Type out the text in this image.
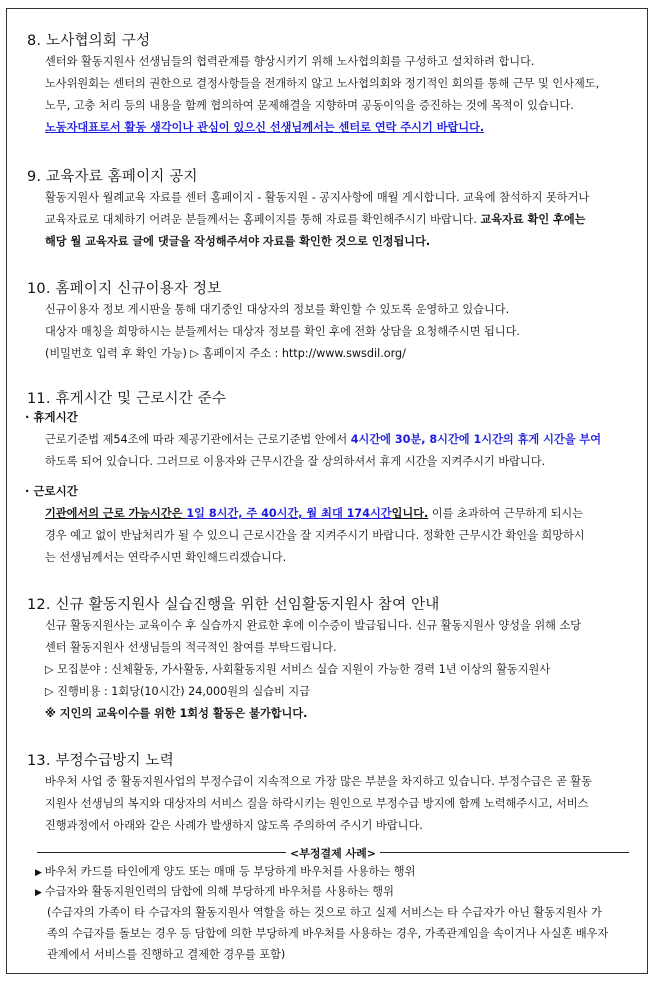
8. 노사협의회 구성
센터와 활동지원사 선생님들의 협력관계를 향상시키기 위해 노사협의회를 구성하고 설치하려 합니다.
노사위원회는 센터의 권한으로 결정사항들을 전개하지 않고 노사협의회와 정기적인 회의를 통해 근무 및 인사제도,
노무, 고충 처리 등의 내용을 함께 협의하여 문제해결을 지향하며 공동이익을 증진하는 것에 목적이 있습니다.
노동자대표로서 활동 생각이나 관심이 있으신 선생님께서는 센터로 연락 주시기 바랍니다.
9. 교육자료 홈페이지 공지
활동지원사 월례교육 자료를 센터 홈페이지 - 활동지원 - 공지사항에 매월 게시합니다. 교육에 참석하지 못하거나
교육자료로 대체하기 어려운 분들께서는 홈페이지를 통해 자료를 확인해주시기 바랍니다. 교육자료 확인 후에는
해당 월 교육자료 글에 댓글을 작성해주셔야 자료를 확인한 것으로 인정됩니다.
10. 홈페이지 신규이용자 정보
신규이용자 정보 게시판을 통해 대기중인 대상자의 정보를 확인할 수 있도록 운영하고 있습니다.
대상자 매칭을 희망하시는 분들께서는 대상자 정보를 확인 후에 전화 상담을 요청해주시면 됩니다.
(비밀번호 입력 후 확인 가능) ▷ 홈페이지 주소 : http://www.swsdil.org/
11. 휴게시간 및 근로시간 준수
· 휴게시간
근로기준법 제54조에 따라 제공기관에서는 근로기준법 안에서 4시간에 30분, 8시간에 1시간의 휴게 시간을 부여
하도록 되어 있습니다. 그러므로 이용자와 근무시간을 잘 상의하셔서 휴게 시간을 지켜주시기 바랍니다.
· 근로시간
기관에서의 근로 가능시간은 1일 8시간, 주 40시간, 월 최대 174시간입니다. 이를 초과하여 근무하게 되시는
경우 예고 없이 반납처리가 될 수 있으니 근로시간을 잘 지켜주시기 바랍니다. 정확한 근무시간 확인을 희망하시
는 선생님께서는 연락주시면 확인해드리겠습니다.
12. 신규 활동지원사 실습진행을 위한 선임활동지원사 참여 안내
신규 활동지원사는 교육이수 후 실습까지 완료한 후에 이수증이 발급됩니다. 신규 활동지원사 양성을 위해 소당
센터 활동지원사 선생님들의 적극적인 참여를 부탁드립니다.
▷ 모집분야 : 신체활동, 가사활동, 사회활동지원 서비스 실습 지원이 가능한 경력 1년 이상의 활동지원사
▷ 진행비용 : 1회당(10시간) 24,000원의 실습비 지급
※ 지인의 교육이수를 위한 1회성 활동은 불가합니다.
13. 부정수급방지 노력
바우처 사업 중 활동지원사업의 부정수급이 지속적으로 가장 많은 부분을 차지하고 있습니다. 부정수급은 곧 활동
지원사 선생님의 복지와 대상자의 서비스 질을 하락시키는 원인으로 부정수급 방지에 함께 노력해주시고, 서비스
진행과정에서 아래와 같은 사례가 발생하지 않도록 주의하여 주시기 바랍니다.
<부정결제 사례>
▶ 바우처 카드를 타인에게 양도 또는 매매 등 부당하게 바우처를 사용하는 행위
▶ 수급자와 활동지원인력의 담합에 의해 부당하게 바우처를 사용하는 행위
(수급자의 가족이 타 수급자의 활동지원사 역할을 하는 것으로 하고 실제 서비스는 타 수급자가 아닌 활동지원사 가
족의 수급자를 돌보는 경우 등 담합에 의한 부당하게 바우처를 사용하는 경우, 가족관계임을 속이거나 사실혼 배우자
관계에서 서비스를 진행하고 결제한 경우를 포함)
